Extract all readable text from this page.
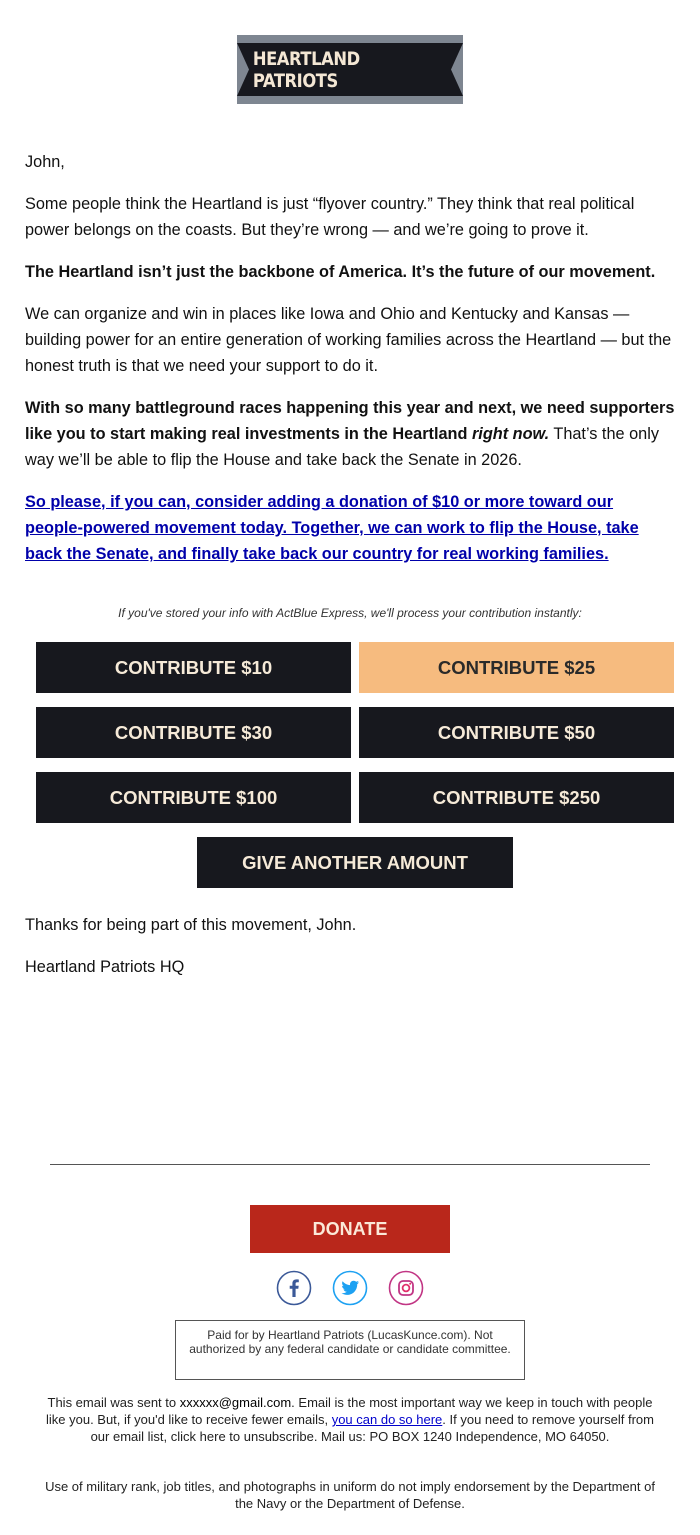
HEARTLAND PATRIOTS

John,

Some people think the Heartland is just “flyover country.” They think that real political power belongs on the coasts. But they’re wrong — and we’re going to prove it.

The Heartland isn’t just the backbone of America. It’s the future of our movement.

We can organize and win in places like Iowa and Ohio and Kentucky and Kansas — building power for an entire generation of working families across the Heartland — but the honest truth is that we need your support to do it.

With so many battleground races happening this year and next, we need supporters like you to start making real investments in the Heartland right now. That’s the only way we’ll be able to flip the House and take back the Senate in 2026.

So please, if you can, consider adding a donation of $10 or more toward our people-powered movement today. Together, we can work to flip the House, take back the Senate, and finally take back our country for real working families.

If you've stored your info with ActBlue Express, we'll process your contribution instantly:
CONTRIBUTE $10	CONTRIBUTE $25
CONTRIBUTE $30	CONTRIBUTE $50
CONTRIBUTE $100	CONTRIBUTE $250
GIVE ANOTHER AMOUNT

Thanks for being part of this movement, John.

Heartland Patriots HQ

DONATE
Paid for by Heartland Patriots (LucasKunce.com). Not authorized by any federal candidate or candidate committee.
This email was sent to xxxxxx@gmail.com. Email is the most important way we keep in touch with people like you. But, if you'd like to receive fewer emails, you can do so here. If you need to remove yourself from our email list, click here to unsubscribe. Mail us: PO BOX 1240 Independence, MO 64050.
Use of military rank, job titles, and photographs in uniform do not imply endorsement by the Department of the Navy or the Department of Defense.
